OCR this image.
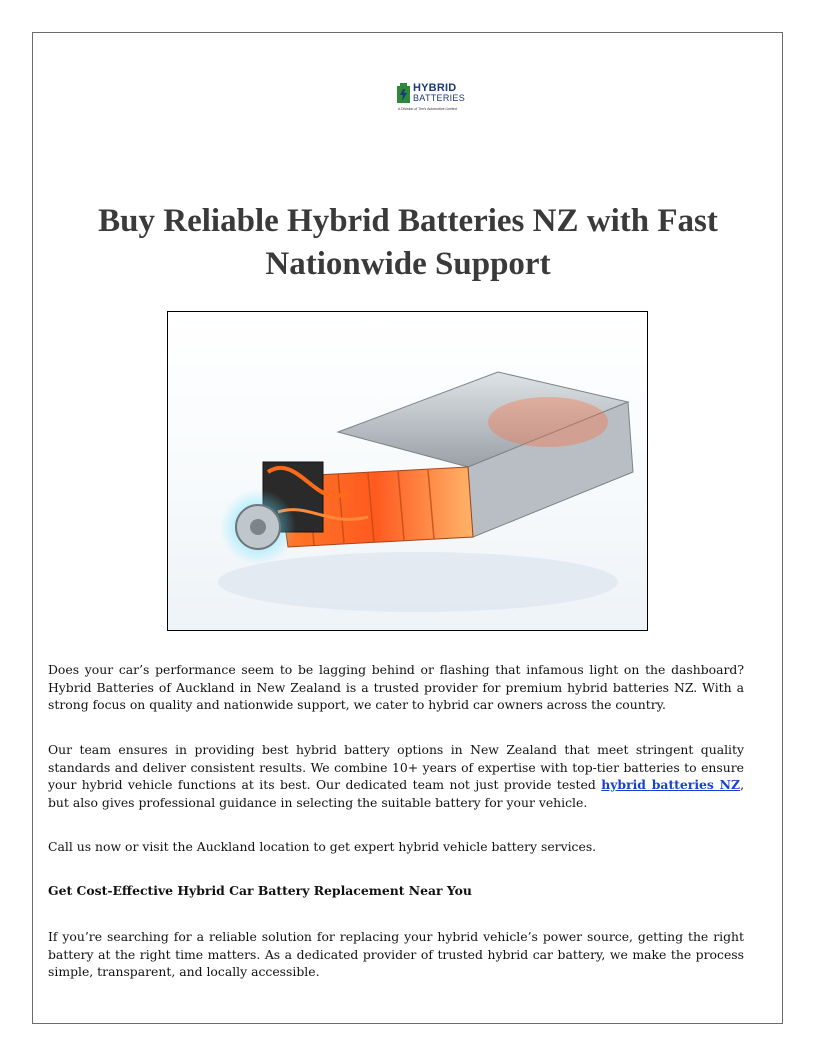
HYBRID
BATTERIES
A Division of Tim's Automotive Limited
Buy Reliable Hybrid Batteries NZ with Fast Nationwide Support

Does your car’s performance seem to be lagging behind or flashing that infamous light on the dashboard? Hybrid Batteries of Auckland in New Zealand is a trusted provider for premium hybrid batteries NZ. With a strong focus on quality and nationwide support, we cater to hybrid car owners across the country.

Our team ensures in providing best hybrid battery options in New Zealand that meet stringent quality standards and deliver consistent results. We combine 10+ years of expertise with top-tier batteries to ensure your hybrid vehicle functions at its best. Our dedicated team not just provide tested hybrid batteries NZ, but also gives professional guidance in selecting the suitable battery for your vehicle.

Call us now or visit the Auckland location to get expert hybrid vehicle battery services.

Get Cost-Effective Hybrid Car Battery Replacement Near You

If you’re searching for a reliable solution for replacing your hybrid vehicle’s power source, getting the right battery at the right time matters. As a dedicated provider of trusted hybrid car battery, we make the process simple, transparent, and locally accessible.
